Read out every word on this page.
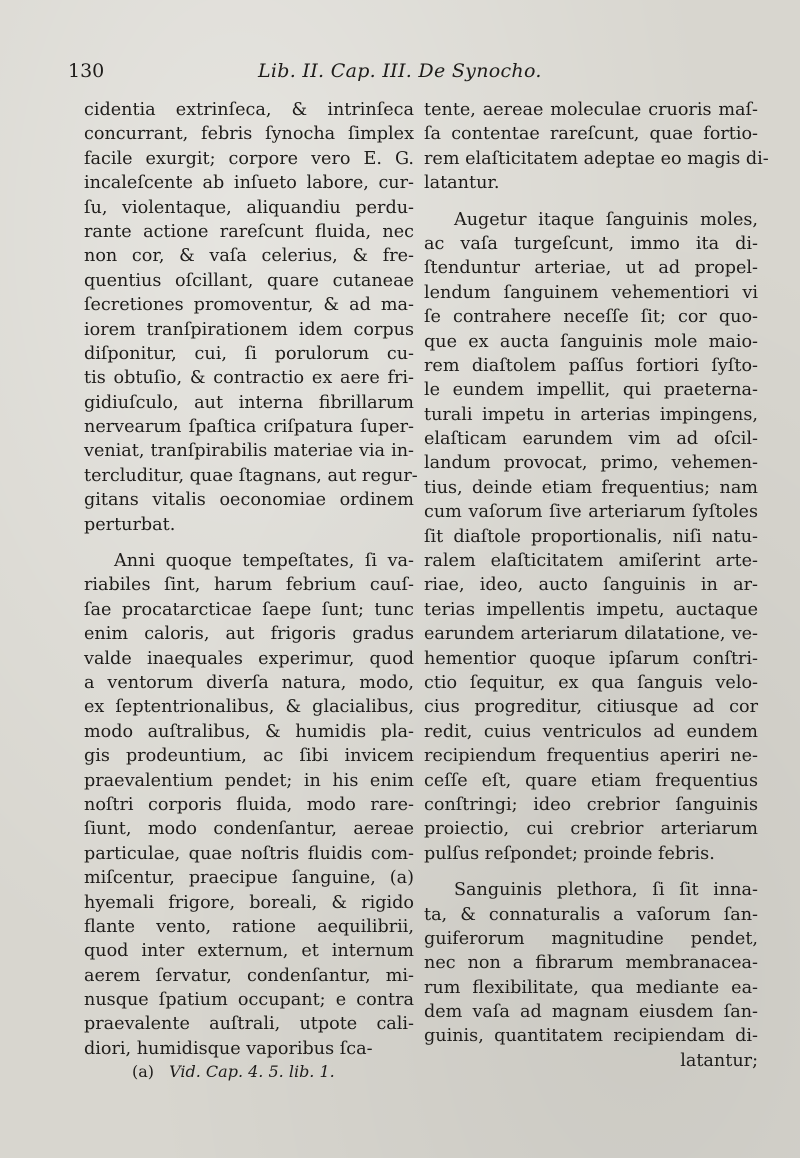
130	Lib. II. Cap. III. De Synocho.
cidentia extrinſeca, & intrinſeca
concurrant, febris ſynocha ſimplex
facile exurgit; corpore vero E. G.
incaleſcente ab inſueto labore, cur-
ſu, violentaque, aliquandiu perdu-
rante actione rareſcunt fluida, nec
non cor, & vaſa celerius, & fre-
quentius oſcillant, quare cutaneae
ſecretiones promoventur, & ad ma-
iorem tranſpirationem idem corpus
diſponitur, cui, ſi porulorum cu-
tis obtuſio, & contractio ex aere fri-
gidiuſculo, aut interna fibrillarum
nervearum ſpaſtica criſpatura ſuper-
veniat, tranſpirabilis materiae via in-
tercluditur, quae ſtagnans, aut regur-
gitans vitalis oeconomiae ordinem
perturbat.
Anni quoque tempeſtates, ſi va-
riabiles ſint, harum febrium cauſ-
ſae procatarcticae ſaepe ſunt; tunc
enim caloris, aut frigoris gradus
valde inaequales experimur, quod
a ventorum diverſa natura, modo,
ex ſeptentrionalibus, & glacialibus,
modo auſtralibus, & humidis pla-
gis prodeuntium, ac ſibi invicem
praevalentium pendet; in his enim
noſtri corporis fluida, modo rare-
ſiunt, modo condenſantur, aereae
particulae, quae noſtris fluidis com-
miſcentur, praecipue ſanguine, (a)
hyemali frigore, boreali, & rigido
flante vento, ratione aequilibrii,
quod inter externum, et internum
aerem ſervatur, condenſantur, mi-
nusque ſpatium occupant; e contra
praevalente auſtrali, utpote cali-
diori, humidisque vaporibus ſca-
tente, aereae moleculae cruoris maſ-
ſa contentae rareſcunt, quae fortio-
rem elaſticitatem adeptae eo magis di-
latantur.
Augetur itaque ſanguinis moles,
ac vaſa turgeſcunt, immo ita di-
ſtenduntur arteriae, ut ad propel-
lendum ſanguinem vehementiori vi
ſe contrahere neceſſe ſit; cor quo-
que ex aucta ſanguinis mole maio-
rem diaſtolem paſſus fortiori ſyſto-
le eundem impellit, qui praeterna-
turali impetu in arterias impingens,
elaſticam earundem vim ad oſcil-
landum provocat, primo, vehemen-
tius, deinde etiam frequentius; nam
cum vaſorum ſive arteriarum ſyſtoles
ſit diaſtole proportionalis, niſi natu-
ralem elaſticitatem amiſerint arte-
riae, ideo, aucto ſanguinis in ar-
terias impellentis impetu, auctaque
earundem arteriarum dilatatione, ve-
hementior quoque ipſarum conſtri-
ctio ſequitur, ex qua ſanguis velo-
cius progreditur, citiusque ad cor
redit, cuius ventriculos ad eundem
recipiendum frequentius aperiri ne-
ceſſe eſt, quare etiam frequentius
conſtringi; ideo crebrior ſanguinis
proiectio, cui crebrior arteriarum
pulſus reſpondet; proinde febris.
Sanguinis plethora, ſi ſit inna-
ta, & connaturalis a vaſorum ſan-
guiferorum magnitudine pendet,
nec non a fibrarum membranacea-
rum flexibilitate, qua mediante ea-
dem vaſa ad magnam eiusdem ſan-
guinis, quantitatem recipiendam di-
latantur;
(a) Vid. Cap. 4. 5. lib. 1.
